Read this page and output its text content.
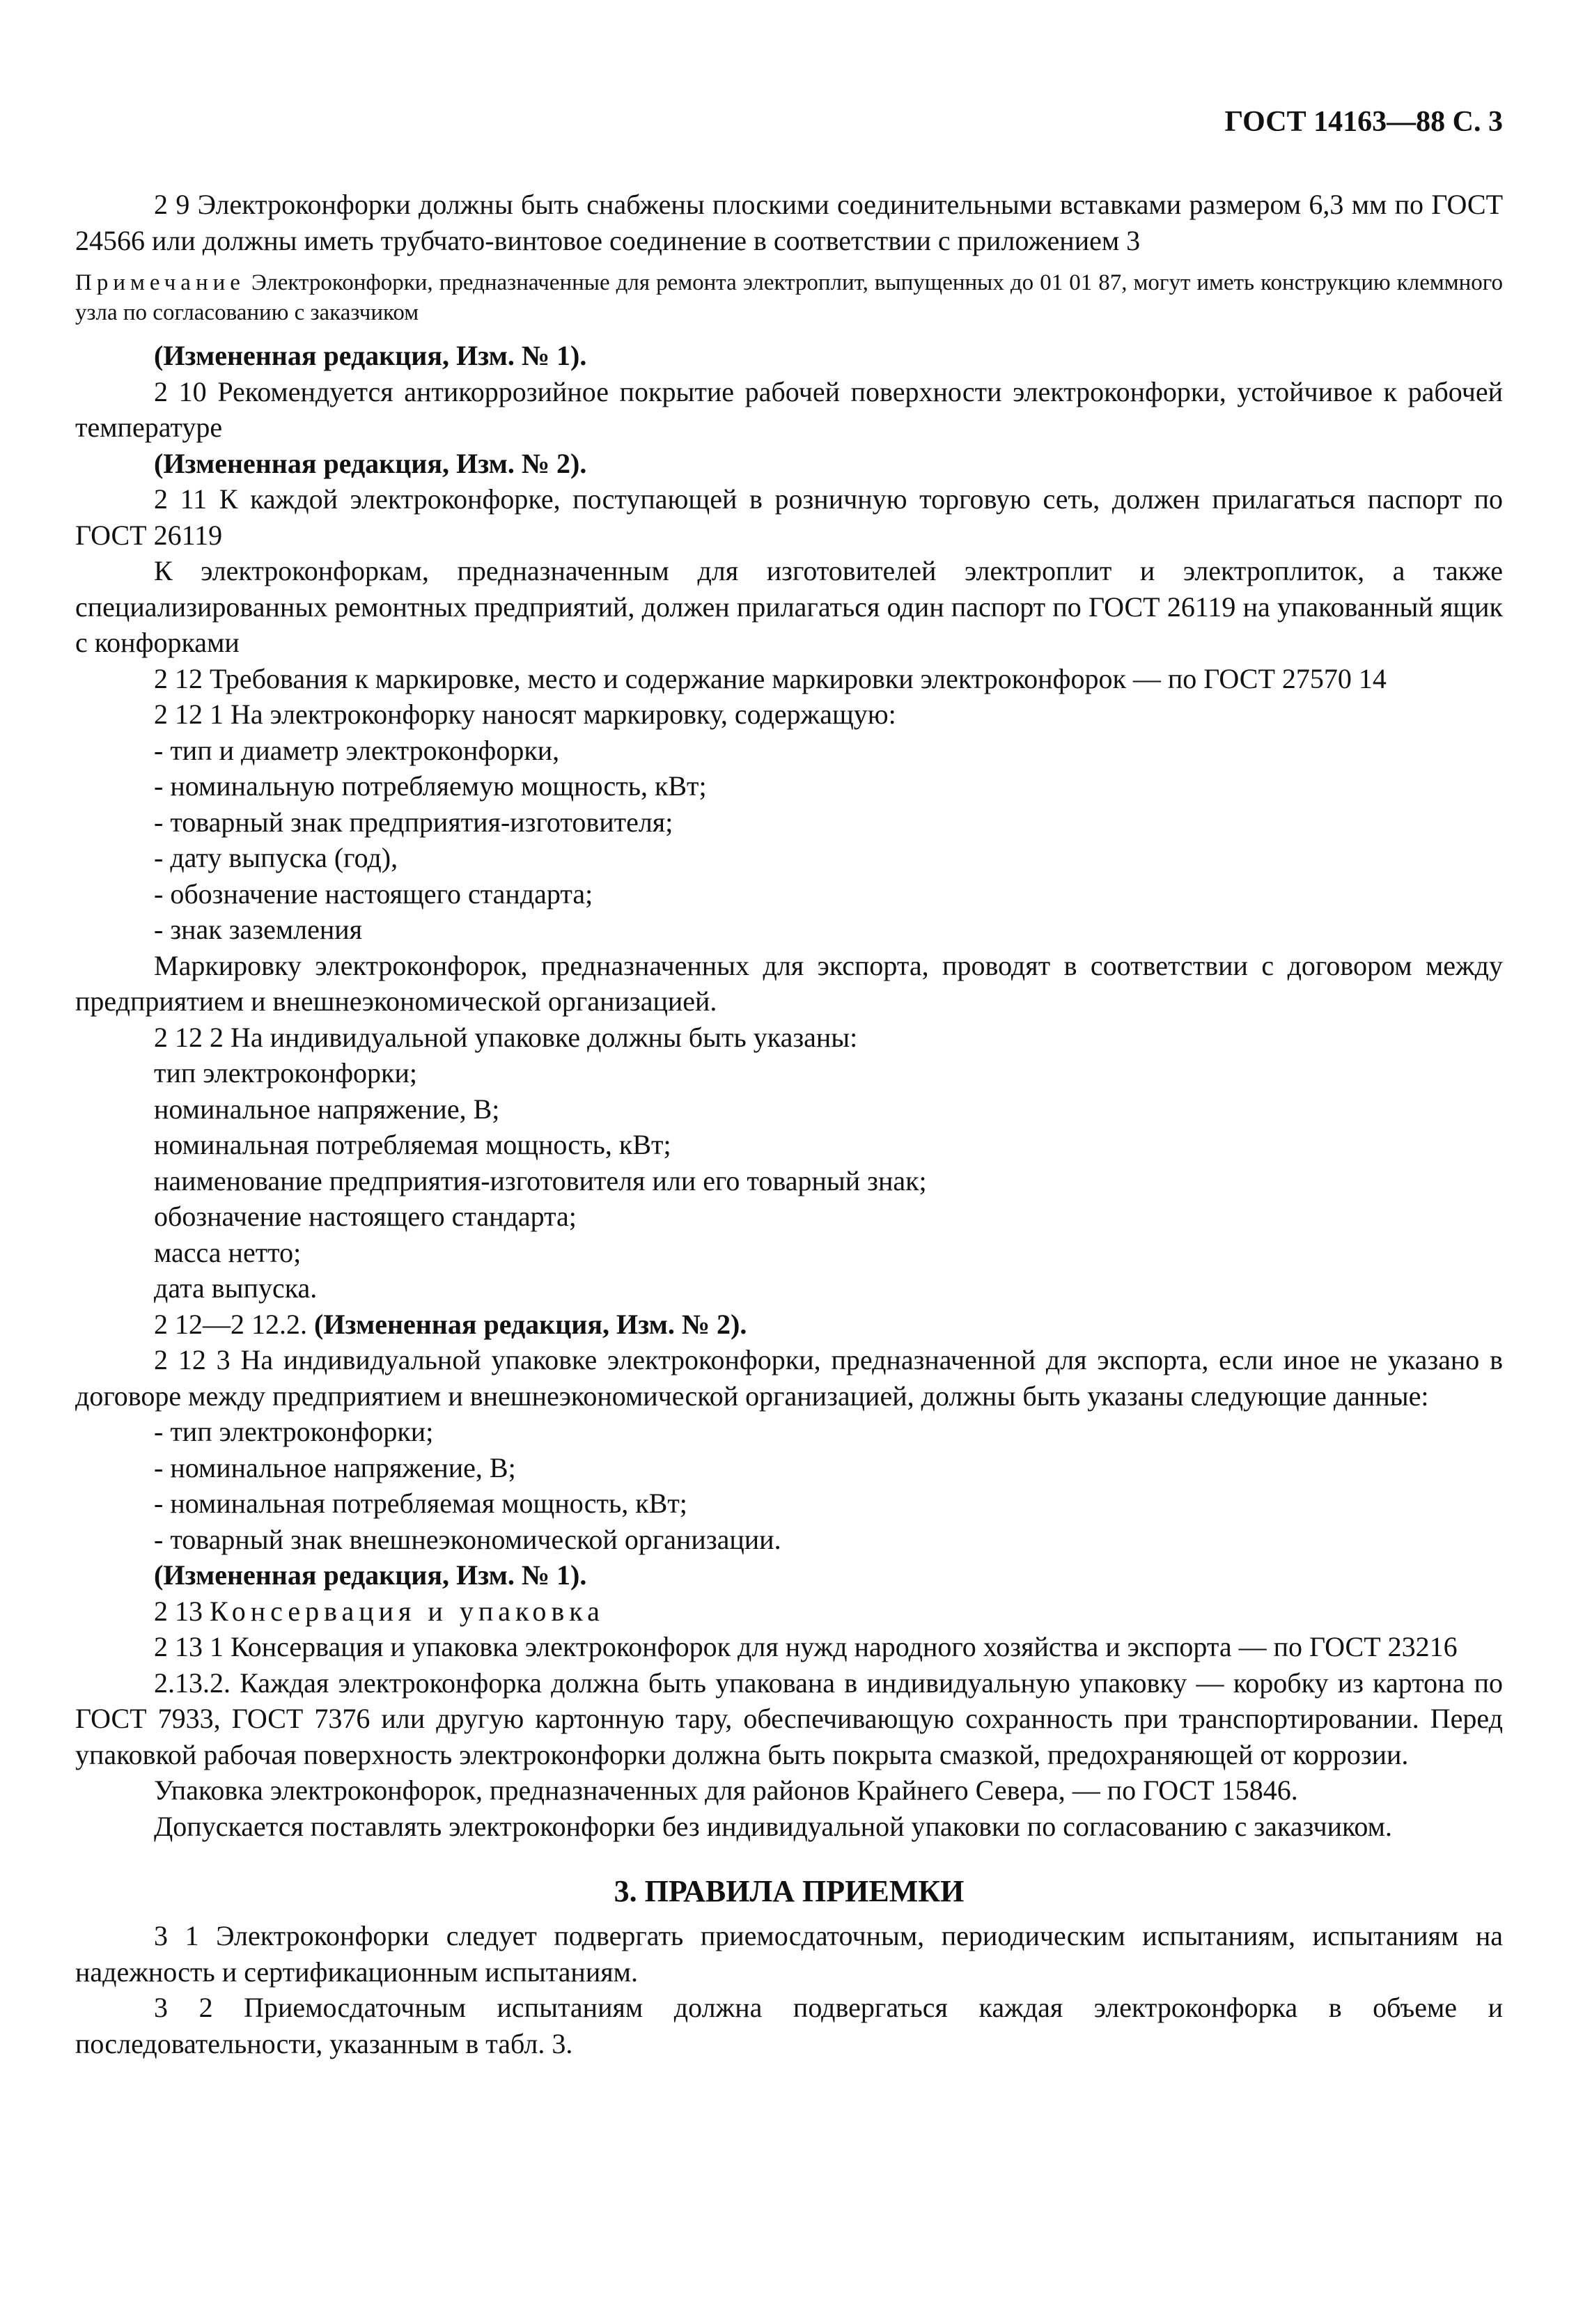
ГОСТ 14163—88 С. 3

2 9 Электроконфорки должны быть снабжены плоскими соединительными вставками размером 6,3 мм по ГОСТ 24566 или должны иметь трубчато-винтовое соединение в соответствии с приложением 3

Примечание Электроконфорки, предназначенные для ремонта электроплит, выпущенных до 01 01 87, могут иметь конструкцию клеммного узла по согласованию с заказчиком

(Измененная редакция, Изм. № 1).

2 10 Рекомендуется антикоррозийное покрытие рабочей поверхности электроконфорки, устойчивое к рабочей температуре

(Измененная редакция, Изм. № 2).

2 11 К каждой электроконфорке, поступающей в розничную торговую сеть, должен прилагаться паспорт по ГОСТ 26119

К электроконфоркам, предназначенным для изготовителей электроплит и электроплиток, а также специализированных ремонтных предприятий, должен прилагаться один паспорт по ГОСТ 26119 на упакованный ящик с конфорками

2 12 Требования к маркировке, место и содержание маркировки электроконфорок — по ГОСТ 27570 14

2 12 1 На электроконфорку наносят маркировку, содержащую:

- тип и диаметр электроконфорки,

- номинальную потребляемую мощность, кВт;

- товарный знак предприятия-изготовителя;

- дату выпуска (год),

- обозначение настоящего стандарта;

- знак заземления

Маркировку электроконфорок, предназначенных для экспорта, проводят в соответствии с договором между предприятием и внешнеэкономической организацией.

2 12 2 На индивидуальной упаковке должны быть указаны:

тип электроконфорки;

номинальное напряжение, В;

номинальная потребляемая мощность, кВт;

наименование предприятия-изготовителя или его товарный знак;

обозначение настоящего стандарта;

масса нетто;

дата выпуска.

2 12—2 12.2. (Измененная редакция, Изм. № 2).

2 12 3 На индивидуальной упаковке электроконфорки, предназначенной для экспорта, если иное не указано в договоре между предприятием и внешнеэкономической организацией, должны быть указаны следующие данные:

- тип электроконфорки;

- номинальное напряжение, В;

- номинальная потребляемая мощность, кВт;

- товарный знак внешнеэкономической организации.

(Измененная редакция, Изм. № 1).

2 13 Консервация и упаковка

2 13 1 Консервация и упаковка электроконфорок для нужд народного хозяйства и экспорта — по ГОСТ 23216

2.13.2. Каждая электроконфорка должна быть упакована в индивидуальную упаковку — коробку из картона по ГОСТ 7933, ГОСТ 7376 или другую картонную тару, обеспечивающую сохранность при транспортировании. Перед упаковкой рабочая поверхность электроконфорки должна быть покрыта смазкой, предохраняющей от коррозии.

Упаковка электроконфорок, предназначенных для районов Крайнего Севера, — по ГОСТ 15846.

Допускается поставлять электроконфорки без индивидуальной упаковки по согласованию с заказчиком.

3. ПРАВИЛА ПРИЕМКИ

3 1 Электроконфорки следует подвергать приемосдаточным, периодическим испытаниям, испытаниям на надежность и сертификационным испытаниям.

3 2 Приемосдаточным испытаниям должна подвергаться каждая электроконфорка в объеме и последовательности, указанным в табл. 3.
